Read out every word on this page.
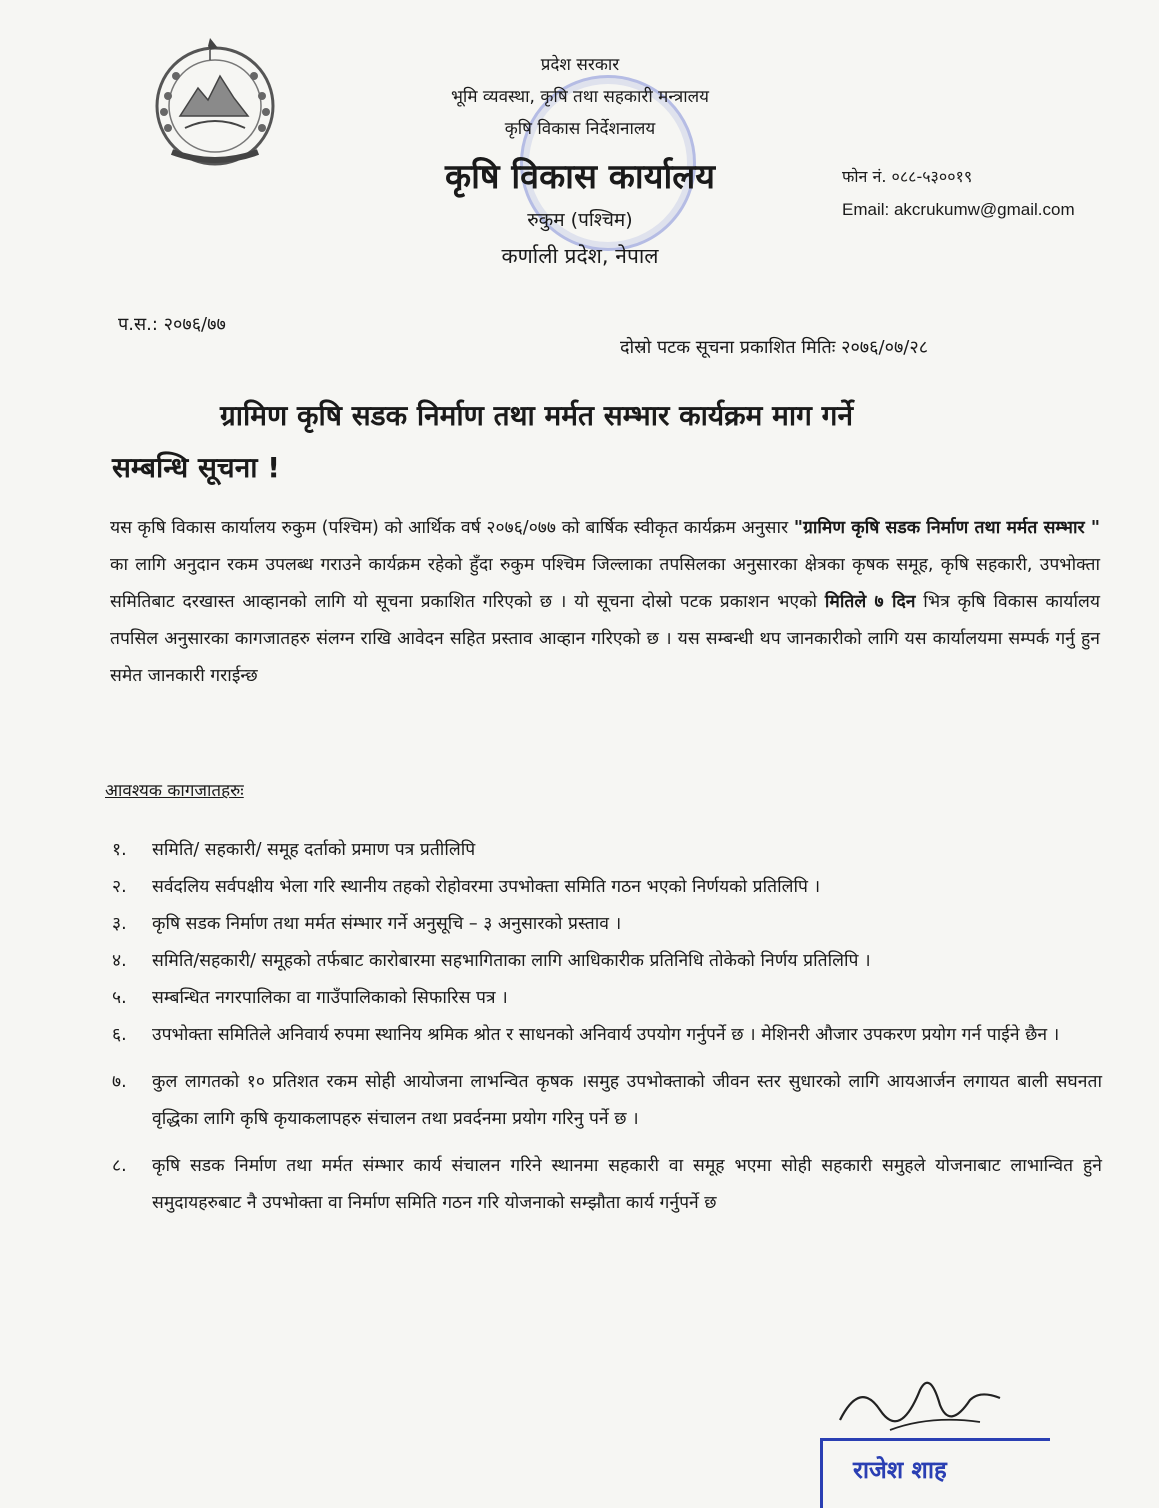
प्रदेश सरकार
भूमि व्यवस्था, कृषि तथा सहकारी मन्त्रालय
कृषि विकास निर्देशनालय
कृषि विकास कार्यालय
रुकुम (पश्चिम)
कर्णाली प्रदेश, नेपाल
फोन नं. ०८८-५३००१९
Email: akcrukumw@gmail.com
प.स.: २०७६/७७
दोस्रो पटक सूचना प्रकाशित मितिः २०७६/०७/२८
ग्रामिण कृषि सडक निर्माण तथा मर्मत सम्भार कार्यक्रम माग गर्ने
सम्बन्धि सूचना !
यस कृषि विकास कार्यालय रुकुम (पश्चिम) को आर्थिक वर्ष २०७६/०७७ को बार्षिक स्वीकृत कार्यक्रम अनुसार "ग्रामिण कृषि सडक निर्माण तथा मर्मत सम्भार " का लागि अनुदान रकम उपलब्ध गराउने कार्यक्रम रहेको हुँदा रुकुम पश्चिम जिल्लाका तपसिलका अनुसारका क्षेत्रका कृषक समूह, कृषि सहकारी, उपभोक्ता समितिबाट दरखास्त आव्हानको लागि यो सूचना प्रकाशित गरिएको छ । यो सूचना दोस्रो पटक प्रकाशन भएको मितिले ७ दिन भित्र कृषि विकास कार्यालय तपसिल अनुसारका कागजातहरु संलग्न राखि आवेदन सहित प्रस्ताव आव्हान गरिएको छ । यस सम्बन्धी थप जानकारीको लागि यस कार्यालयमा सम्पर्क गर्नु हुन समेत जानकारी गराईन्छ
आवश्यक कागजातहरुः
१.	समिति/ सहकारी/ समूह दर्ताको प्रमाण पत्र प्रतीलिपि
२.	सर्वदलिय सर्वपक्षीय भेला गरि स्थानीय तहको रोहोवरमा उपभोक्ता समिति गठन भएको निर्णयको प्रतिलिपि ।
३.	कृषि सडक निर्माण तथा मर्मत संम्भार गर्ने अनुसूचि – ३ अनुसारको प्रस्ताव ।
४.	समिति/सहकारी/ समूहको तर्फबाट कारोबारमा सहभागिताका लागि आधिकारीक प्रतिनिधि तोकेको निर्णय प्रतिलिपि ।
५.	सम्बन्धित नगरपालिका वा गाउँपालिकाको सिफारिस पत्र ।
६.	उपभोक्ता समितिले अनिवार्य रुपमा स्थानिय श्रमिक श्रोत र साधनको अनिवार्य उपयोग गर्नुपर्ने छ । मेशिनरी औजार उपकरण प्रयोग गर्न पाईने छैन ।
७.	कुल लागतको १० प्रतिशत रकम सोही आयोजना लाभन्वित कृषक ।समुह उपभोक्ताको जीवन स्तर सुधारको लागि आयआर्जन लगायत बाली सघनता वृद्धिका लागि कृषि कृयाकलापहरु संचालन तथा प्रवर्दनमा प्रयोग गरिनु पर्ने छ ।
८.	कृषि सडक निर्माण तथा मर्मत संम्भार कार्य संचालन गरिने स्थानमा सहकारी वा समूह भएमा सोही सहकारी समुहले योजनाबाट लाभान्वित हुने समुदायहरुबाट नै उपभोक्ता वा निर्माण समिति गठन गरि योजनाको सम्झौता कार्य गर्नुपर्ने छ
राजेश शाह
